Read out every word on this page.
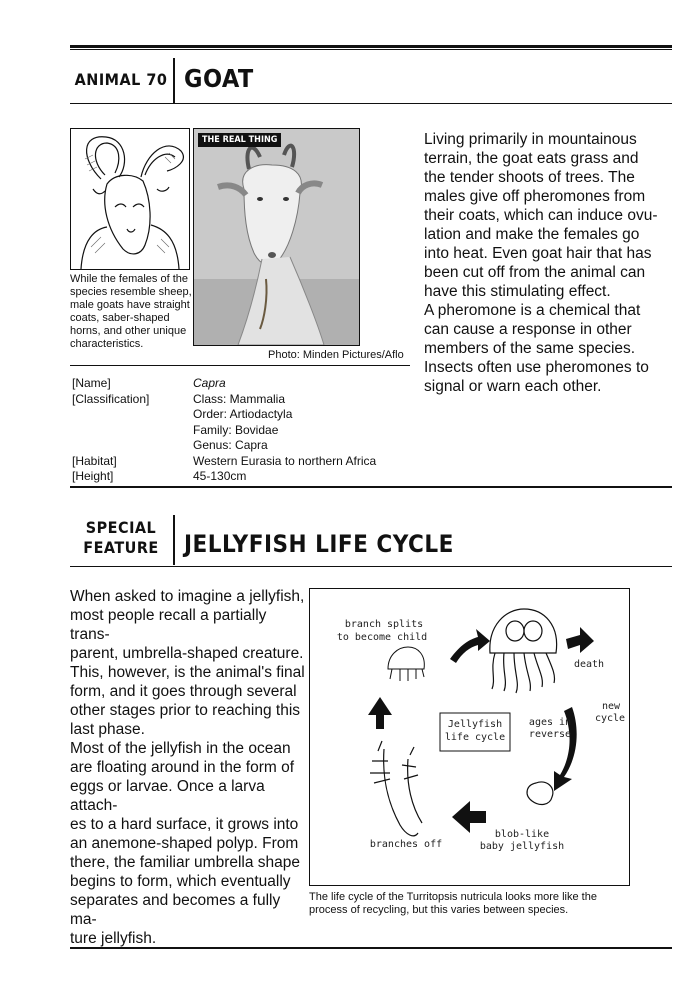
ANIMAL 70 GOAT
While the females of the
species resemble sheep,
male goats have straight
coats, saber-shaped
horns, and other unique
characteristics.
THE REAL THING
Photo: Minden Pictures/Aflo
[Name]
[Classification]
[Habitat]
[Height]
Capra
Class: Mammalia
Order: Artiodactyla
Family: Bovidae
Genus: Capra
Western Eurasia to northern Africa
45-130cm
Living primarily in mountainous
terrain, the goat eats grass and
the tender shoots of trees. The
males give off pheromones from
their coats, which can induce ovu-
lation and make the females go
into heat. Even goat hair that has
been cut off from the animal can
have this stimulating effect.
A pheromone is a chemical that
can cause a response in other
members of the same species.
Insects often use pheromones to
signal or warn each other.
SPECIAL
FEATURE	JELLYFISH LIFE CYCLE
When asked to imagine a jellyfish,
most people recall a partially trans-
parent, umbrella-shaped creature.
This, however, is the animal's final
form, and it goes through several
other stages prior to reaching this
last phase.
Most of the jellyfish in the ocean
are floating around in the form of
eggs or larvae. Once a larva attach-
es to a hard surface, it grows into
an anemone-shaped polyp. From
there, the familiar umbrella shape
begins to form, which eventually
separates and becomes a fully ma-
ture jellyfish.
branch splits
to become child
death
new
cycle
Jellyfish
life cycle
ages in
reverse
blob-like
baby jellyfish
branches off
The life cycle of the Turritopsis nutricula looks more like the
process of recycling, but this varies between species.
